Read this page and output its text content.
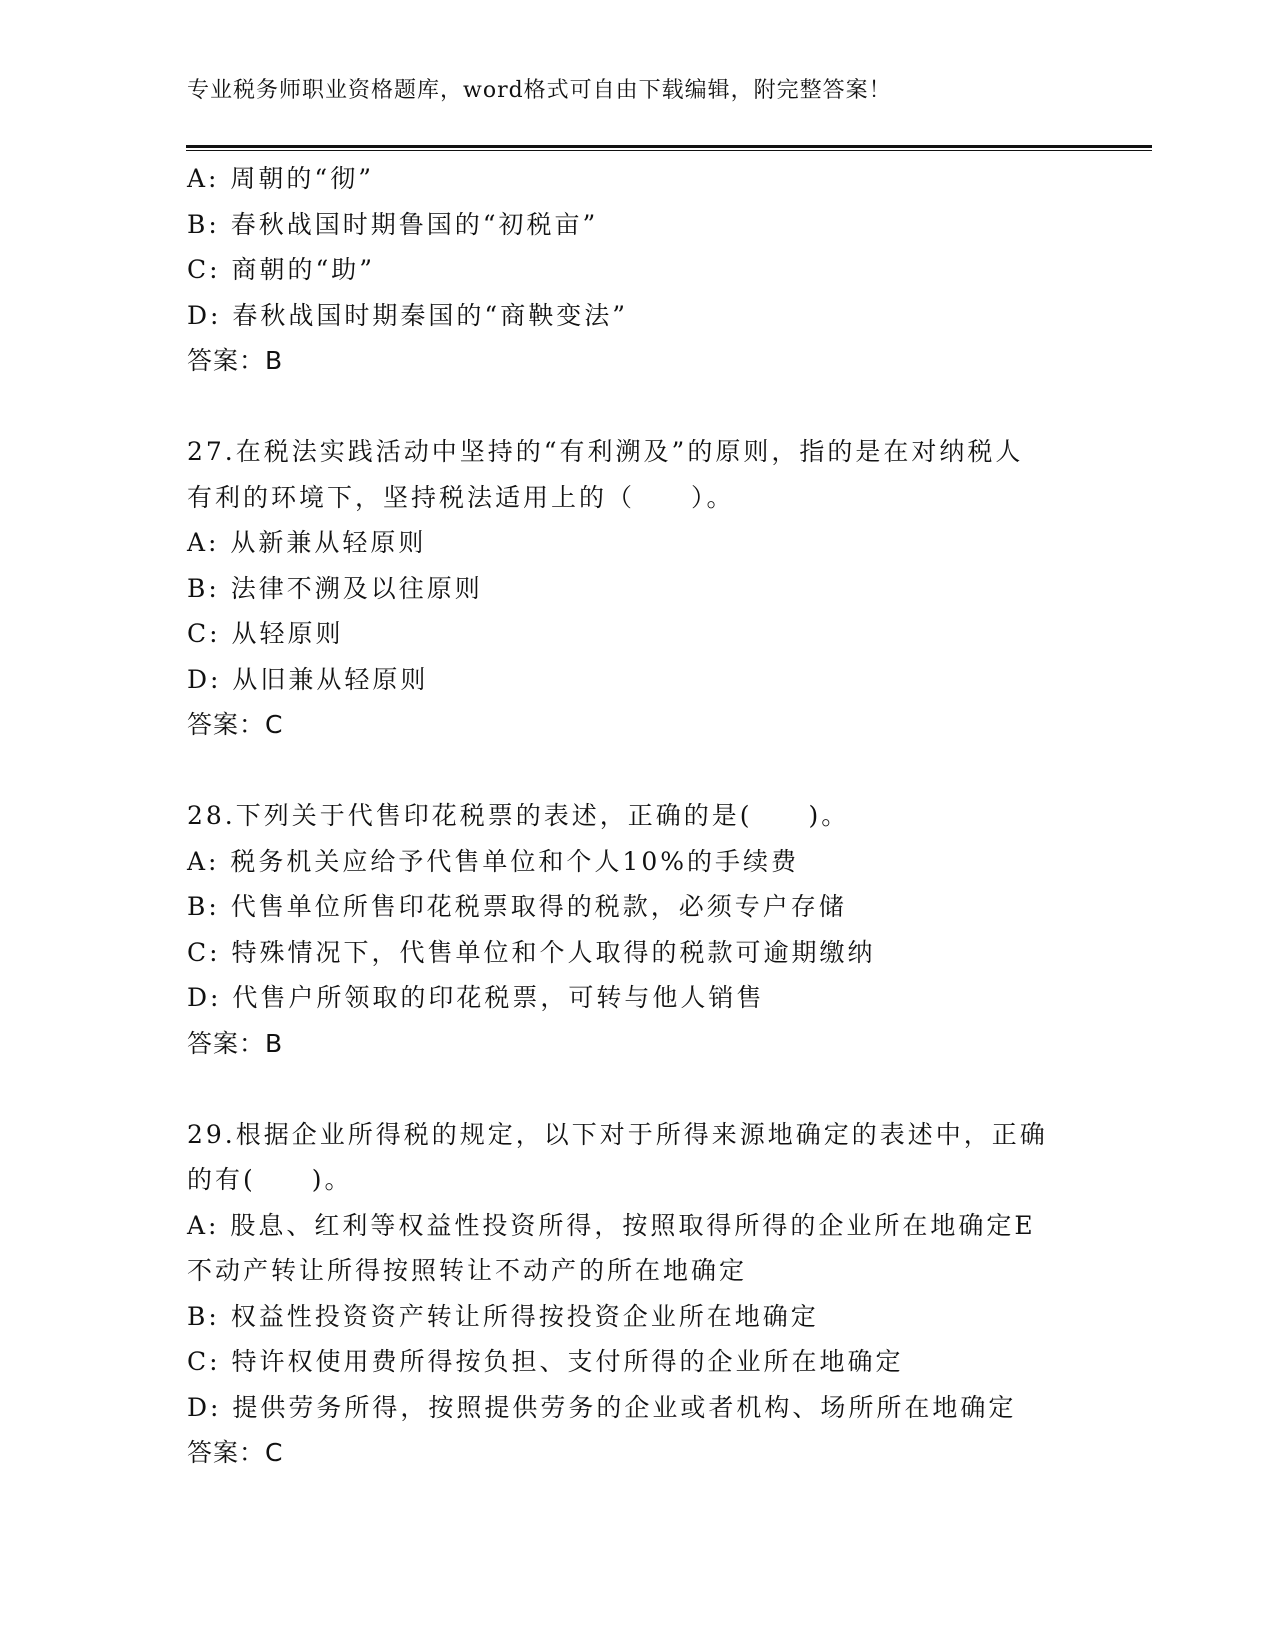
专业税务师职业资格题库，word格式可自由下载编辑，附完整答案！
A: 周朝的“彻”
B: 春秋战国时期鲁国的“初税亩”
C: 商朝的“助”
D: 春秋战国时期秦国的“商鞅变法”
答案：B
27.在税法实践活动中坚持的“有利溯及”的原则，指的是在对纳税人
有利的环境下，坚持税法适用上的（　　）。
A: 从新兼从轻原则
B: 法律不溯及以往原则
C: 从轻原则
D: 从旧兼从轻原则
答案：C
28.下列关于代售印花税票的表述，正确的是(　　)。
A: 税务机关应给予代售单位和个人10%的手续费
B: 代售单位所售印花税票取得的税款，必须专户存储
C: 特殊情况下，代售单位和个人取得的税款可逾期缴纳
D: 代售户所领取的印花税票，可转与他人销售
答案：B
29.根据企业所得税的规定，以下对于所得来源地确定的表述中，正确
的有(　　)。
A: 股息、红利等权益性投资所得，按照取得所得的企业所在地确定E
不动产转让所得按照转让不动产的所在地确定
B: 权益性投资资产转让所得按投资企业所在地确定
C: 特许权使用费所得按负担、支付所得的企业所在地确定
D: 提供劳务所得，按照提供劳务的企业或者机构、场所所在地确定
答案：C
